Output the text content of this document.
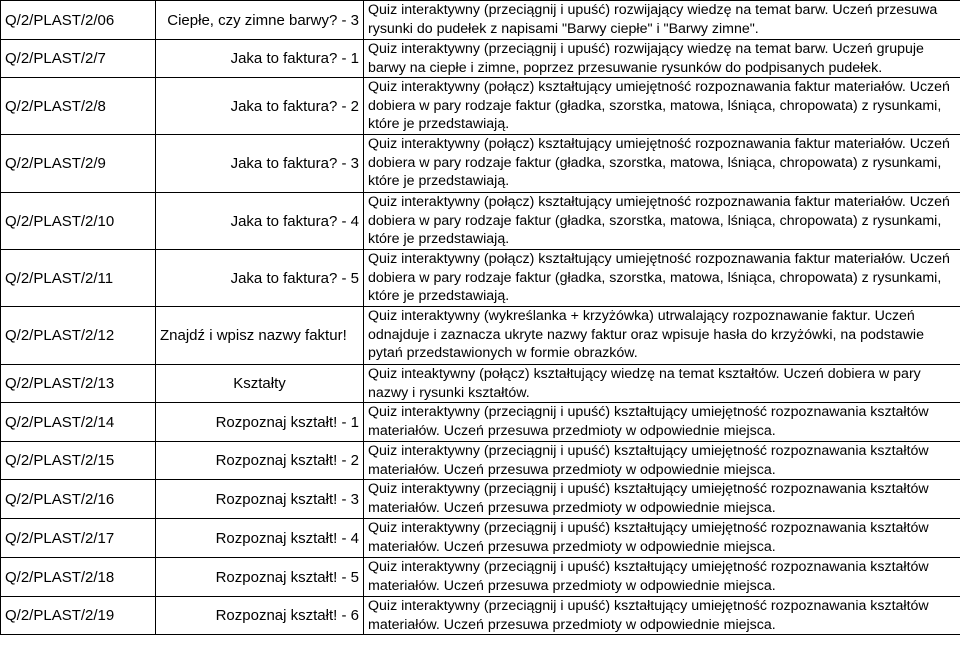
Q/2/PLAST/2/06	Ciepłe, czy zimne barwy? - 3	Quiz interaktywny (przeciągnij i upuść) rozwijający wiedzę na temat barw. Uczeń przesuwa rysunki do pudełek z napisami "Barwy ciepłe" i "Barwy zimne".
Q/2/PLAST/2/7	Jaka to faktura? - 1	Quiz interaktywny (przeciągnij i upuść) rozwijający wiedzę na temat barw. Uczeń grupuje barwy na ciepłe i zimne, poprzez przesuwanie rysunków do podpisanych pudełek.
Q/2/PLAST/2/8	Jaka to faktura? - 2	Quiz interaktywny (połącz) kształtujący umiejętność rozpoznawania faktur materiałów. Uczeń dobiera w pary rodzaje faktur (gładka, szorstka, matowa, lśniąca, chropowata) z rysunkami, które je przedstawiają.
Q/2/PLAST/2/9	Jaka to faktura? - 3	Quiz interaktywny (połącz) kształtujący umiejętność rozpoznawania faktur materiałów. Uczeń dobiera w pary rodzaje faktur (gładka, szorstka, matowa, lśniąca, chropowata) z rysunkami, które je przedstawiają.
Q/2/PLAST/2/10	Jaka to faktura? - 4	Quiz interaktywny (połącz) kształtujący umiejętność rozpoznawania faktur materiałów. Uczeń dobiera w pary rodzaje faktur (gładka, szorstka, matowa, lśniąca, chropowata) z rysunkami, które je przedstawiają.
Q/2/PLAST/2/11	Jaka to faktura? - 5	Quiz interaktywny (połącz) kształtujący umiejętność rozpoznawania faktur materiałów. Uczeń dobiera w pary rodzaje faktur (gładka, szorstka, matowa, lśniąca, chropowata) z rysunkami, które je przedstawiają.
Q/2/PLAST/2/12	Znajdź i wpisz nazwy faktur!	Quiz interaktywny (wykreślanka + krzyżówka) utrwalający rozpoznawanie faktur. Uczeń odnajduje i zaznacza ukryte nazwy faktur oraz wpisuje hasła do krzyżówki, na podstawie pytań przedstawionych w formie obrazków.
Q/2/PLAST/2/13	Kształty	Quiz inteaktywny (połącz) kształtujący wiedzę na temat kształtów. Uczeń dobiera w pary nazwy i rysunki kształtów.
Q/2/PLAST/2/14	Rozpoznaj kształt! - 1	Quiz interaktywny (przeciągnij i upuść) kształtujący umiejętność rozpoznawania kształtów materiałów. Uczeń przesuwa przedmioty w odpowiednie miejsca.
Q/2/PLAST/2/15	Rozpoznaj kształt! - 2	Quiz interaktywny (przeciągnij i upuść) kształtujący umiejętność rozpoznawania kształtów materiałów. Uczeń przesuwa przedmioty w odpowiednie miejsca.
Q/2/PLAST/2/16	Rozpoznaj kształt! - 3	Quiz interaktywny (przeciągnij i upuść) kształtujący umiejętność rozpoznawania kształtów materiałów. Uczeń przesuwa przedmioty w odpowiednie miejsca.
Q/2/PLAST/2/17	Rozpoznaj kształt! - 4	Quiz interaktywny (przeciągnij i upuść) kształtujący umiejętność rozpoznawania kształtów materiałów. Uczeń przesuwa przedmioty w odpowiednie miejsca.
Q/2/PLAST/2/18	Rozpoznaj kształt! - 5	Quiz interaktywny (przeciągnij i upuść) kształtujący umiejętność rozpoznawania kształtów materiałów. Uczeń przesuwa przedmioty w odpowiednie miejsca.
Q/2/PLAST/2/19	Rozpoznaj kształt! - 6	Quiz interaktywny (przeciągnij i upuść) kształtujący umiejętność rozpoznawania kształtów materiałów. Uczeń przesuwa przedmioty w odpowiednie miejsca.
